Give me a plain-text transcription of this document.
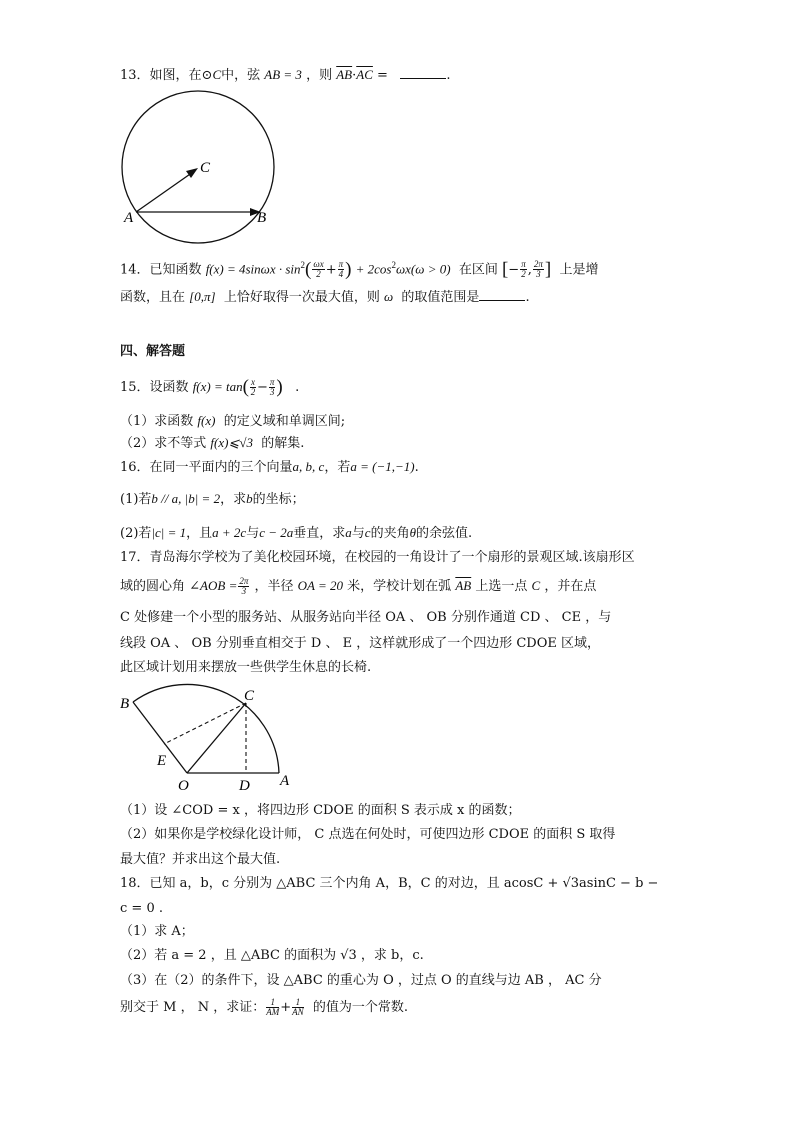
13．如图，在⊙C中，弦 AB = 3 ，则 $\overline{AB}\cdot\overline{AC}$ =	.
A	B
C
14．已知函数 $f(x) = 4\sin\omega x \cdot \sin^2( \frac{\omega x}{2} + \frac{\pi}{4}$ ) + $2\cos^2\omega x(\omega > 0)$ 在区间 [− $\frac{\pi}{2}$ , $\frac{2\pi}{3}$ ] 上是增
函数，且在 [0,π] 上恰好取得一次最大值，则 ω 的取值范围是	.
四、解答题
15．设函数 $f(x) = \tan( \frac{x}{2} - \frac{\pi}{3}$ ) .
（1）求函数 f(x) 的定义域和单调区间;
（2）求不等式 f(x)⩽√3 的解集.
16．在同一平面内的三个向量a, b, c，若a = (−1,−1).
(1)若b // a, |b| = 2，求b的坐标；
(2)若|c| = 1，且a + 2c与c − 2a垂直，求a与c的夹角θ的余弦值.
17．青岛海尔学校为了美化校园环境，在校园的一角设计了一个扇形的景观区域.该扇形区
域的圆心角 ∠AOB = $\frac{2\pi}{3}$ ，半径 OA = 20 米，学校计划在弧 $\overline{AB}$ 上选一点 C ，并在点
C 处修建一个小型的服务站、从服务站向半径 OA 、 OB 分别作通道 CD 、 CE ，与
线段 OA 、 OB 分别垂直相交于 D 、 E ，这样就形成了一个四边形 CDOE 区域，
此区域计划用来摆放一些供学生休息的长椅.
B	C
E
O	D A
（1）设 ∠COD = x ，将四边形 CDOE 的面积 S 表示成 x 的函数；
（2）如果你是学校绿化设计师， C 点选在何处时，可使四边形 CDOE 的面积 S 取得
最大值？并求出这个最大值.
18．已知 a，b，c 分别为 △ABC 三个内角 A，B，C 的对边，且 acosC + √3asinC − b −
c = 0 .
（1）求 A；
（2）若 a = 2 ，且 △ABC 的面积为 √3 ，求 b，c.
（3）在（2）的条件下，设 △ABC 的重心为 O ，过点 O 的直线与边 AB ， AC 分
别交于 M ， N ，求证： $\frac{1}{AM} + \frac{1}{AN}$ 的值为一个常数.
